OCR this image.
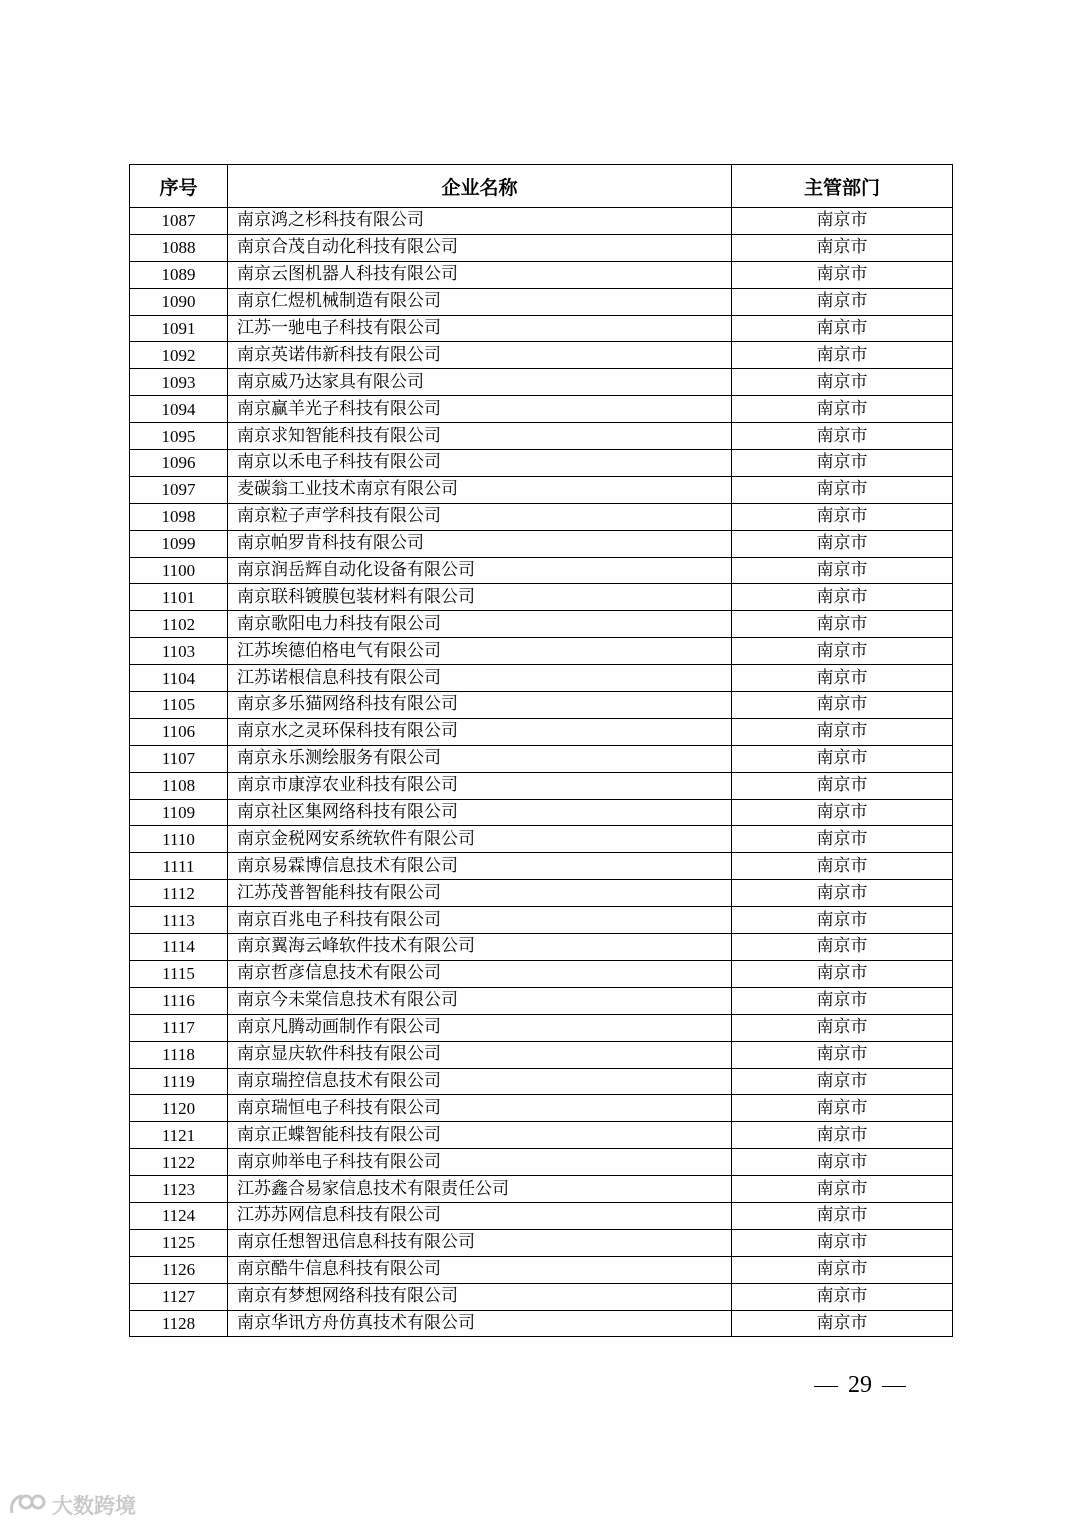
序号	企业名称	主管部门
1087	南京鸿之杉科技有限公司	南京市
1088	南京合茂自动化科技有限公司	南京市
1089	南京云图机器人科技有限公司	南京市
1090	南京仁煜机械制造有限公司	南京市
1091	江苏一驰电子科技有限公司	南京市
1092	南京英诺伟新科技有限公司	南京市
1093	南京威乃达家具有限公司	南京市
1094	南京赢羊光子科技有限公司	南京市
1095	南京求知智能科技有限公司	南京市
1096	南京以禾电子科技有限公司	南京市
1097	麦碳翁工业技术南京有限公司	南京市
1098	南京粒子声学科技有限公司	南京市
1099	南京帕罗肯科技有限公司	南京市
1100	南京润岳辉自动化设备有限公司	南京市
1101	南京联科镀膜包装材料有限公司	南京市
1102	南京歌阳电力科技有限公司	南京市
1103	江苏埃德伯格电气有限公司	南京市
1104	江苏诺根信息科技有限公司	南京市
1105	南京多乐猫网络科技有限公司	南京市
1106	南京水之灵环保科技有限公司	南京市
1107	南京永乐测绘服务有限公司	南京市
1108	南京市康淳农业科技有限公司	南京市
1109	南京社区集网络科技有限公司	南京市
1110	南京金税网安系统软件有限公司	南京市
1111	南京易霖博信息技术有限公司	南京市
1112	江苏茂普智能科技有限公司	南京市
1113	南京百兆电子科技有限公司	南京市
1114	南京翼海云峰软件技术有限公司	南京市
1115	南京哲彦信息技术有限公司	南京市
1116	南京今未棠信息技术有限公司	南京市
1117	南京凡腾动画制作有限公司	南京市
1118	南京显庆软件科技有限公司	南京市
1119	南京瑞控信息技术有限公司	南京市
1120	南京瑞恒电子科技有限公司	南京市
1121	南京正蝶智能科技有限公司	南京市
1122	南京帅举电子科技有限公司	南京市
1123	江苏鑫合易家信息技术有限责任公司	南京市
1124	江苏苏网信息科技有限公司	南京市
1125	南京任想智迅信息科技有限公司	南京市
1126	南京酷牛信息科技有限公司	南京市
1127	南京有梦想网络科技有限公司	南京市
1128	南京华讯方舟仿真技术有限公司	南京市
29
大数跨境
